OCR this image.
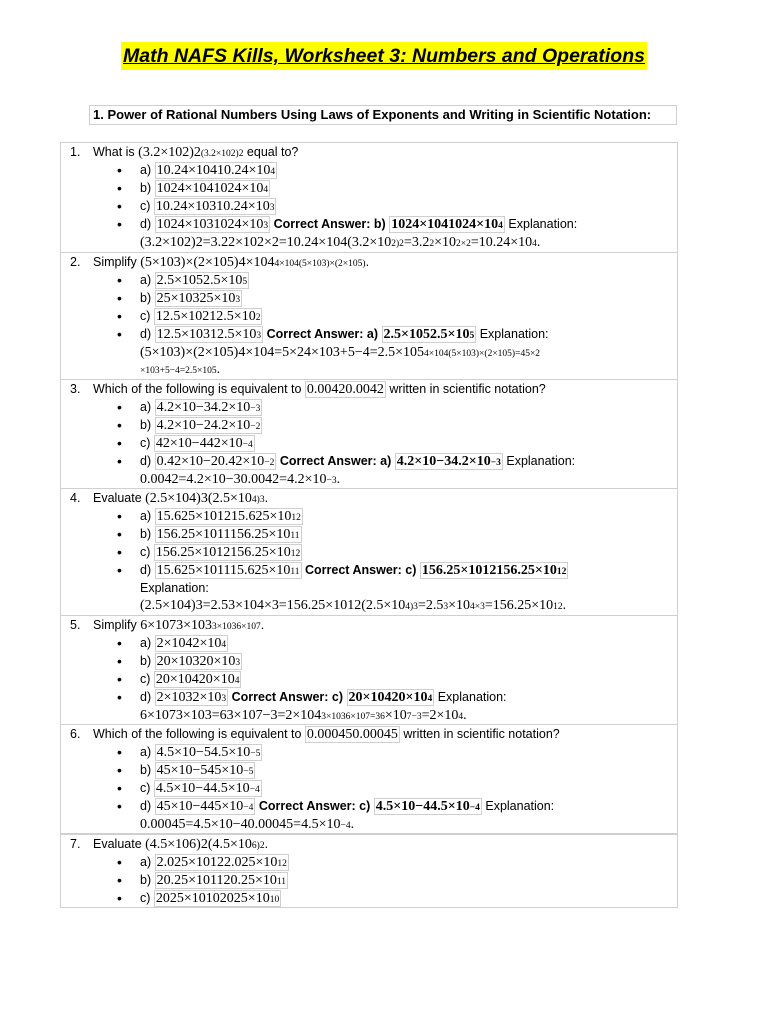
Math NAFS Kills, Worksheet 3: Numbers and Operations
1. Power of Rational Numbers Using Laws of Exponents and Writing in Scientific Notation:
1.	What is (3.2×102)2(3.2×102)2 equal to?
• a) 10.24×10410.24×104
• b) 1024×1041024×104
• c) 10.24×10310.24×103
• d) 1024×1031024×103 Correct Answer: b) 1024×1041024×104 Explanation:
(3.2×102)2=3.22×102×2=10.24×104(3.2×102)2=3.22×102×2=10.24×104.
2.	Simplify (5×103)×(2×105)4×1044×104(5×103)×(2×105).
• a) 2.5×1052.5×105
• b) 25×10325×103
• c) 12.5×10212.5×102
• d) 12.5×10312.5×103 Correct Answer: a) 2.5×1052.5×105 Explanation:
(5×103)×(2×105)4×104=5×24×103+5−4=2.5×1054×104(5×103)×(2×105)=45×2
×103+5−4=2.5×105.
3.	Which of the following is equivalent to 0.00420.0042 written in scientific notation?
• a) 4.2×10−34.2×10−3
• b) 4.2×10−24.2×10−2
• c) 42×10−442×10−4
• d) 0.42×10−20.42×10−2 Correct Answer: a) 4.2×10−34.2×10−3 Explanation:
0.0042=4.2×10−30.0042=4.2×10−3.
4.	Evaluate (2.5×104)3(2.5×104)3.
• a) 15.625×101215.625×1012
• b) 156.25×1011156.25×1011
• c) 156.25×1012156.25×1012
• d) 15.625×101115.625×1011 Correct Answer: c) 156.25×1012156.25×1012
Explanation:
(2.5×104)3=2.53×104×3=156.25×1012(2.5×104)3=2.53×104×3=156.25×1012.
5.	Simplify 6×1073×1033×1036×107.
• a) 2×1042×104
• b) 20×10320×103
• c) 20×10420×104
• d) 2×1032×103 Correct Answer: c) 20×10420×104 Explanation:
6×1073×103=63×107−3=2×1043×1036×107=36×107−3=2×104.
6.	Which of the following is equivalent to 0.000450.00045 written in scientific notation?
• a) 4.5×10−54.5×10−5
• b) 45×10−545×10−5
• c) 4.5×10−44.5×10−4
• d) 45×10−445×10−4 Correct Answer: c) 4.5×10−44.5×10−4 Explanation:
0.00045=4.5×10−40.00045=4.5×10−4.
7.	Evaluate (4.5×106)2(4.5×106)2.
• a) 2.025×10122.025×1012
• b) 20.25×101120.25×1011
• c) 2025×10102025×1010
